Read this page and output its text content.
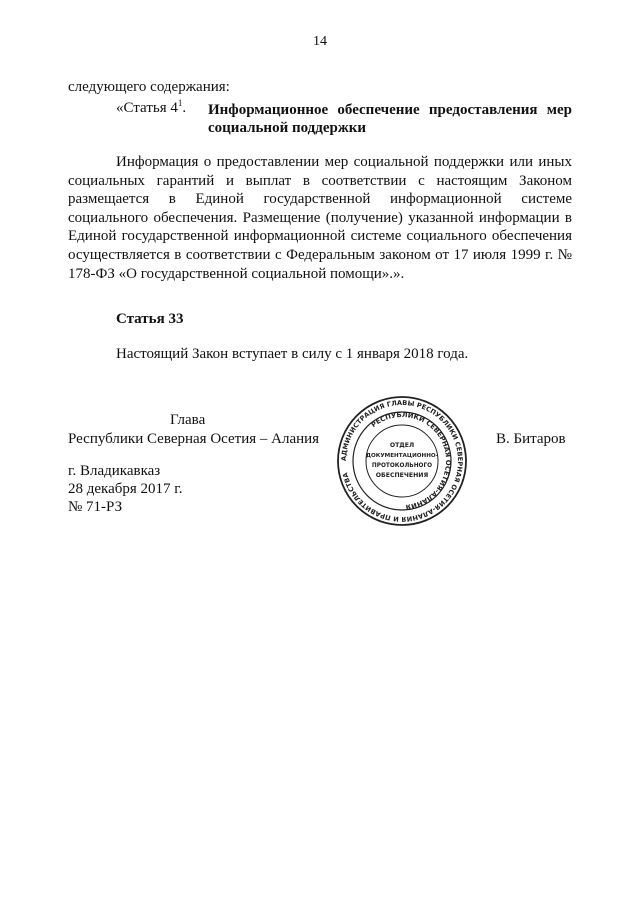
14
следующего содержания:
«Статья $4^1$. Информационное обеспечение предоставления мер
социальной поддержки
Информация о предоставлении мер социальной поддержки или иных социальных гарантий и выплат в соответствии с настоящим Законом размещается в Единой государственной информационной системе социального обеспечения. Размещение (получение) указанной информации в Единой государственной информационной системе социального обеспечения осуществляется в соответствии с Федеральным законом от 17 июля 1999 г. № 178-ФЗ «О государственной социальной помощи».».
Статья 33
Настоящий Закон вступает в силу с 1 января 2018 года.
Глава
Республики Северная Осетия – Алания	В. Битаров
г. Владикавказ
28 декабря 2017 г.
№ 71-РЗ
АДМИНИСТРАЦИЯ ГЛАВЫ РЕСПУБЛИКИ СЕВЕРНАЯ ОСЕТИЯ-АЛАНИЯ И ПРАВИТЕЛЬСТВА
РЕСПУБЛИКИ СЕВЕРНАЯ ОСЕТИЯ-АЛАНИЯ
ОТДЕЛ
ДОКУМЕНТАЦИОННО-
ПРОТОКОЛЬНОГО
ОБЕСПЕЧЕНИЯ
